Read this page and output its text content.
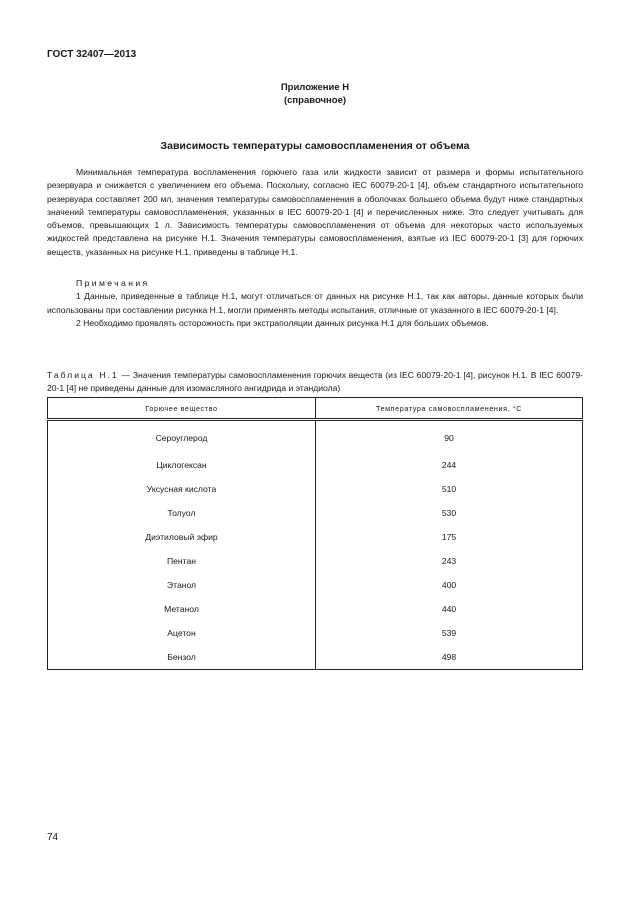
ГОСТ 32407—2013
Приложение Н
(справочное)
Зависимость температуры самовоспламенения от объема

Минимальная температура воспламенения горючего газа или жидкости зависит от размера и формы испытательного резервуара и снижается с увеличением его объема. Поскольку, согласно IEC 60079-20-1 [4], объем стандартного испытательного резервуара составляет 200 мл, значения температуры самовоспламенения в оболочках большего объема будут ниже стандартных значений температуры самовоспламенения, указанных в IEC 60079-20-1 [4] и перечисленных ниже. Это следует учитывать для объемов, превышающих 1 л. Зависимость температуры самовоспламенения от объема для некоторых часто используемых жидкостей представлена на рисунке Н.1. Значения температуры самовоспламенения, взятые из IEC 60079-20-1 [3] для горючих веществ, указанных на рисунке Н.1, приведены в таблице Н.1.

Примечания

1 Данные, приведенные в таблице Н.1, могут отличаться от данных на рисунке Н.1, так как авторы, данные которых были использованы при составлении рисунка Н.1, могли применять методы испытания, отличные от указанного в IEC 60079-20-1 [4].

2 Необходимо проявлять осторожность при экстраполяции данных рисунка Н.1 для больших объемов.

Таблица Н.1 — Значения температуры самовоспламенения горючих веществ (из IEC 60079-20-1 [4], рисунок Н.1. В IEC 60079-20-1 [4] не приведены данные для изомасляного ангидрида и этандиола)
Горючее вещество	Температура самовоспламенения, °С
Сероуглерод	90
Циклогексан	244
Уксусная кислота	510
Толуол	530
Диэтиловый эфир	175
Пентан	243
Этанол	400
Метанол	440
Ацетон	539
Бензол	498
74
